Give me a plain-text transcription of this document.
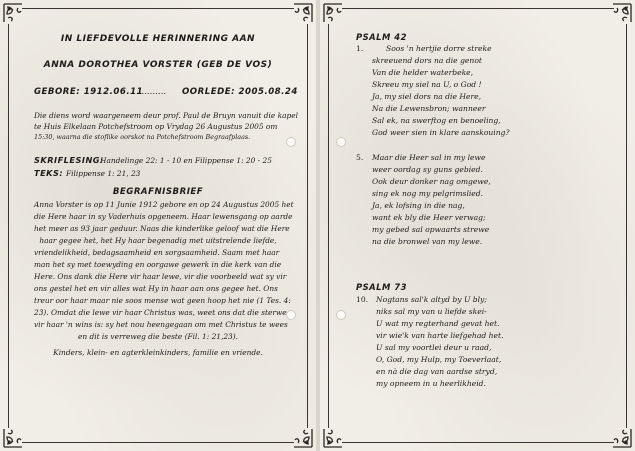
IN LIEFDEVOLLE HERINNERING AAN
ANNA DOROTHEA VORSTER (GEB DE VOS)
GEBORE: 1912.06.11
........... OORLEDE: 2005.08.24
Die diens word waargeneem deur prof. Paul de Bruyn vanuit die kapel
te Huis Elkelaan Potchefstroom op Vrydag 26 Augustus 2005 om
15:30, waarna die stoflike oorskot na Potchefstroom Begraafplaas.
SKRIFLESING:
Handelinge 22: 1 - 10 en Filippense 1: 20 - 25
TEKS: Filippense 1: 21, 23
BEGRAFNISBRIEF
Anna Vorster is op 11 Junie 1912 gebore en op 24 Augustus 2005 het
die Here haar in sy Vaderhuis opgeneem. Haar lewensgang op aarde
het meer as 93 jaar geduur. Naas die kinderlike geloof wat die Here
haar gegee het, het Hy haar begenadig met uitstrelende liefde,
vriendelikheid, bedagsaamheid en sorgsaamheid. Saam met haar
man het sy met toewyding en oorgawe gewerk in die kerk van die
Here. Ons dank die Here vir haar lewe, vir die voorbeeld wat sy vir
ons gestel het en vir alles wat Hy in haar aan ons gegee het. Ons
treur oor haar maar nie soos mense wat geen hoop het nie (1 Tes. 4:
23). Omdat die lewe vir haar Christus was, weet ons dat die sterwe
vir haar 'n wins is: sy het nou heengegaan om met Christus te wees
en dit is verreweg die beste (Fil. 1: 21,23).
Kinders, klein- en agterkleinkinders, familie en vriende.
PSALM 42
1.	Soos 'n hertjie dorre streke
skreeuend dors na die genot
Van die helder waterbeke,
Skreeu my siel na U, o God !
Ja, my siel dors na die Here,
Na die Lewensbron; wanneer
Sal ek, na swerftog en benoeling,
God weer sien in klare aanskouing?
5. Maar die Heer sal in my lewe
weer oordag sy guns gebied.
Ook deur donker nag omgewe,
sing ek nog my pelgrimslied.
Ja, ek lofsing in die nag,
want ek bly die Heer verwag;
my gebed sal opwaarts strewe
na die bronwel van my lewe.
PSALM 73
10. Nogtans sal'k altyd by U bly;
niks sal my van u liefde skei-
U wat my regterhand gevat het.
vir wie'k van harte liefgehad het.
U sal my voortlei deur u raad,
O, God, my Hulp, my Toeverlaat,
en nà die dag van aardse stryd,
my opneem in u heerlikheid.
